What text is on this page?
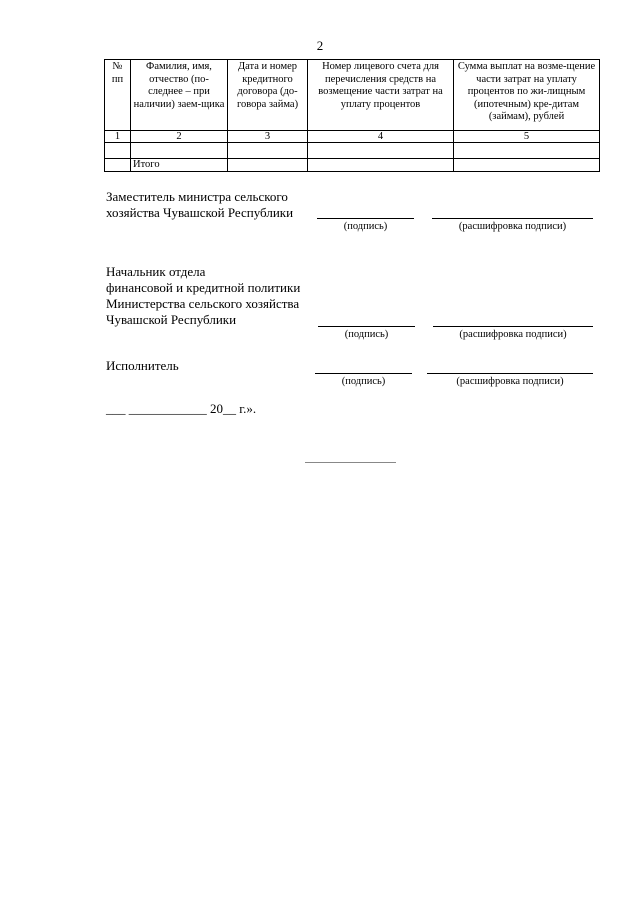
2
№ пп	Фамилия, имя, отчество (по-следнее – при наличии) заем-щика	Дата и номер кредитного договора (до-говора займа)	Номер лицевого счета для перечисления средств на возмещение части затрат на уплату процентов	Сумма выплат на возме-щение части затрат на уплату процентов по жи-лищным (ипотечным) кре-дитам (займам), рублей
1	2	3	4	5

	Итого			
Заместитель министра сельского
хозяйства Чувашской Республики
(подпись)	(расшифровка подписи)
Начальник отдела
финансовой и кредитной политики
Министерства сельского хозяйства
Чувашской Республики
(подпись)	(расшифровка подписи)
Исполнитель
(подпись)	(расшифровка подписи)
___ ____________ 20__ г.».
